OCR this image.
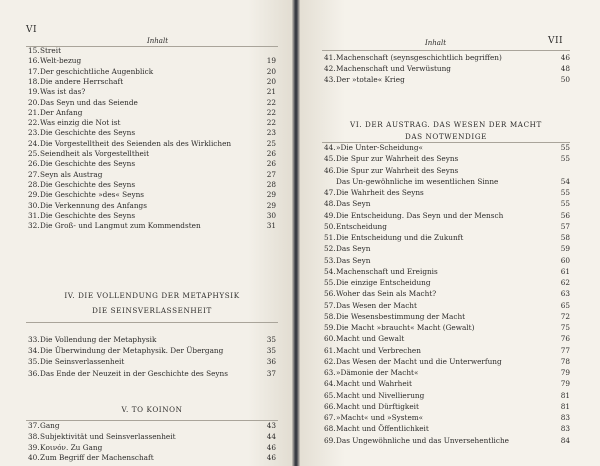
VI
Inhalt
15. Streit
16. Welt-bezug	19
17. Der geschichtliche Augenblick	20
18. Die andere Herrschaft	20
19. Was ist das?	21
20. Das Seyn und das Seiende	22
21. Der Anfang	22
22. Was einzig die Not ist	22
23. Die Geschichte des Seyns	23
24. Die Vorgestelltheit des Seienden als des Wirklichen	25
25. Seiendheit als Vorgestelltheit	26
26. Die Geschichte des Seyns	26
27. Seyn als Austrag	27
28. Die Geschichte des Seyns	28
29. Die Geschichte »des« Seyns	29
30. Die Verkennung des Anfangs	29
31. Die Geschichte des Seyns	30
32. Die Groß- und Langmut zum Kommendsten	31
IV. DIE VOLLENDUNG DER METAPHYSIK
DIE SEINSVERLASSENHEIT
33. Die Vollendung der Metaphysik	35
34. Die Überwindung der Metaphysik. Der Übergang	35
35. Die Seinsverlassenheit	36
36. Das Ende der Neuzeit in der Geschichte des Seyns	37
V. TO KOINON
37. Gang	43
38. Subjektivität und Seinsverlassenheit	44
39. Κοινόν. Zu Gang	46
40. Zum Begriff der Machenschaft	46
VII
Inhalt
41. Machenschaft (seynsgeschichtlich begriffen)	46
42. Machenschaft und Verwüstung	48
43. Der »totale« Krieg	50
VI. DER AUSTRAG. DAS WESEN DER MACHT
DAS NOTWENDIGE
44. »Die Unter-Scheidung«	55
45. Die Spur zur Wahrheit des Seyns	55
46. Die Spur zur Wahrheit des Seyns
Das Un-gewöhnliche im wesentlichen Sinne	54
47. Die Wahrheit des Seyns	55
48. Das Seyn	55
49. Die Entscheidung. Das Seyn und der Mensch	56
50. Entscheidung	57
51. Die Entscheidung und die Zukunft	58
52. Das Seyn	59
53. Das Seyn	60
54. Machenschaft und Ereignis	61
55. Die einzige Entscheidung	62
56. Woher das Sein als Macht?	63
57. Das Wesen der Macht	65
58. Die Wesensbestimmung der Macht	72
59. Die Macht »braucht« Macht (Gewalt)	75
60. Macht und Gewalt	76
61. Macht und Verbrechen	77
62. Das Wesen der Macht und die Unterwerfung	78
63. »Dämonie der Macht«	79
64. Macht und Wahrheit	79
65. Macht und Nivellierung	81
66. Macht und Dürftigkeit	81
67. »Macht« und »System«	83
68. Macht und Öffentlichkeit	83
69. Das Ungewöhnliche und das Unversehentliche	84
